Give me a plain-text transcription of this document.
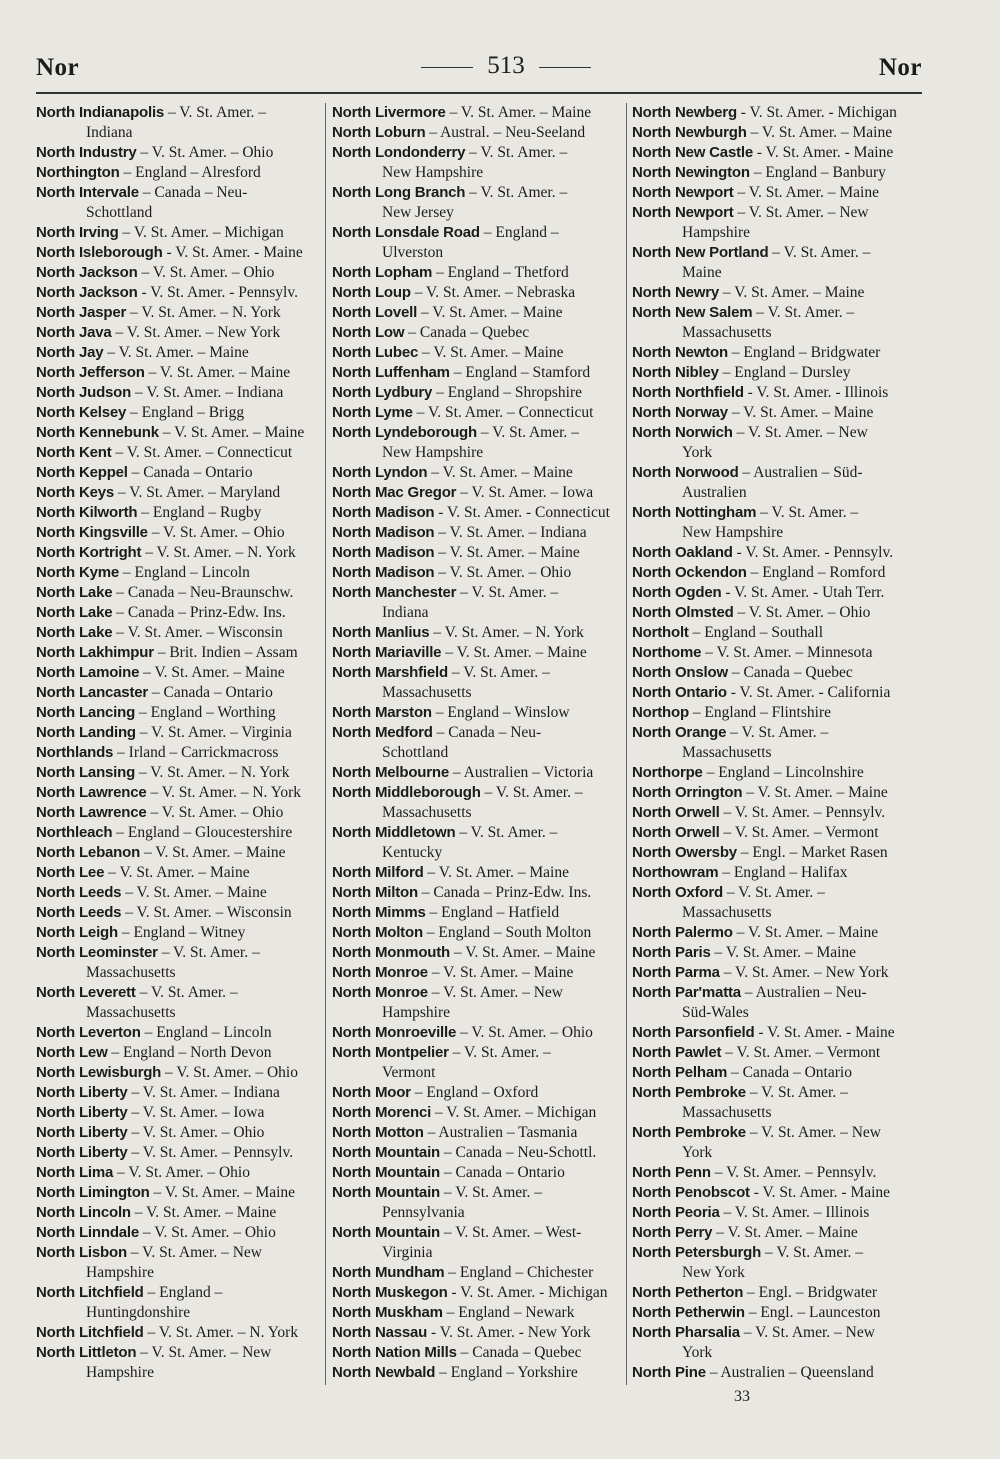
Nor	513	Nor
North Indianapolis – V. St. Amer. –
Indiana
North Industry – V. St. Amer. – Ohio
Northington – England – Alresford
North Intervale – Canada – Neu-
Schottland
North Irving – V. St. Amer. – Michigan
North Isleborough - V. St. Amer. - Maine
North Jackson – V. St. Amer. – Ohio
North Jackson - V. St. Amer. - Pennsylv.
North Jasper – V. St. Amer. – N. York
North Java – V. St. Amer. – New York
North Jay – V. St. Amer. – Maine
North Jefferson – V. St. Amer. – Maine
North Judson – V. St. Amer. – Indiana
North Kelsey – England – Brigg
North Kennebunk – V. St. Amer. – Maine
North Kent – V. St. Amer. – Connecticut
North Keppel – Canada – Ontario
North Keys – V. St. Amer. – Maryland
North Kilworth – England – Rugby
North Kingsville – V. St. Amer. – Ohio
North Kortright – V. St. Amer. – N. York
North Kyme – England – Lincoln
North Lake – Canada – Neu-Braunschw.
North Lake – Canada – Prinz-Edw. Ins.
North Lake – V. St. Amer. – Wisconsin
North Lakhimpur – Brit. Indien – Assam
North Lamoine – V. St. Amer. – Maine
North Lancaster – Canada – Ontario
North Lancing – England – Worthing
North Landing – V. St. Amer. – Virginia
Northlands – Irland – Carrickmacross
North Lansing – V. St. Amer. – N. York
North Lawrence – V. St. Amer. – N. York
North Lawrence – V. St. Amer. – Ohio
Northleach – England – Gloucestershire
North Lebanon – V. St. Amer. – Maine
North Lee – V. St. Amer. – Maine
North Leeds – V. St. Amer. – Maine
North Leeds – V. St. Amer. – Wisconsin
North Leigh – England – Witney
North Leominster – V. St. Amer. –
Massachusetts
North Leverett – V. St. Amer. –
Massachusetts
North Leverton – England – Lincoln
North Lew – England – North Devon
North Lewisburgh – V. St. Amer. – Ohio
North Liberty – V. St. Amer. – Indiana
North Liberty – V. St. Amer. – Iowa
North Liberty – V. St. Amer. – Ohio
North Liberty – V. St. Amer. – Pennsylv.
North Lima – V. St. Amer. – Ohio
North Limington – V. St. Amer. – Maine
North Lincoln – V. St. Amer. – Maine
North Linndale – V. St. Amer. – Ohio
North Lisbon – V. St. Amer. – New
Hampshire
North Litchfield – England –
Huntingdonshire
North Litchfield – V. St. Amer. – N. York
North Littleton – V. St. Amer. – New
Hampshire
North Livermore – V. St. Amer. – Maine
North Loburn – Austral. – Neu-Seeland
North Londonderry – V. St. Amer. –
New Hampshire
North Long Branch – V. St. Amer. –
New Jersey
North Lonsdale Road – England –
Ulverston
North Lopham – England – Thetford
North Loup – V. St. Amer. – Nebraska
North Lovell – V. St. Amer. – Maine
North Low – Canada – Quebec
North Lubec – V. St. Amer. – Maine
North Luffenham – England – Stamford
North Lydbury – England – Shropshire
North Lyme – V. St. Amer. – Connecticut
North Lyndeborough – V. St. Amer. –
New Hampshire
North Lyndon – V. St. Amer. – Maine
North Mac Gregor – V. St. Amer. – Iowa
North Madison - V. St. Amer. - Connecticut
North Madison – V. St. Amer. – Indiana
North Madison – V. St. Amer. – Maine
North Madison – V. St. Amer. – Ohio
North Manchester – V. St. Amer. –
Indiana
North Manlius – V. St. Amer. – N. York
North Mariaville – V. St. Amer. – Maine
North Marshfield – V. St. Amer. –
Massachusetts
North Marston – England – Winslow
North Medford – Canada – Neu-
Schottland
North Melbourne – Australien – Victoria
North Middleborough – V. St. Amer. –
Massachusetts
North Middletown – V. St. Amer. –
Kentucky
North Milford – V. St. Amer. – Maine
North Milton – Canada – Prinz-Edw. Ins.
North Mimms – England – Hatfield
North Molton – England – South Molton
North Monmouth – V. St. Amer. – Maine
North Monroe – V. St. Amer. – Maine
North Monroe – V. St. Amer. – New
Hampshire
North Monroeville – V. St. Amer. – Ohio
North Montpelier – V. St. Amer. –
Vermont
North Moor – England – Oxford
North Morenci – V. St. Amer. – Michigan
North Motton – Australien – Tasmania
North Mountain – Canada – Neu-Schottl.
North Mountain – Canada – Ontario
North Mountain – V. St. Amer. –
Pennsylvania
North Mountain – V. St. Amer. – West-
Virginia
North Mundham – England – Chichester
North Muskegon - V. St. Amer. - Michigan
North Muskham – England – Newark
North Nassau - V. St. Amer. - New York
North Nation Mills – Canada – Quebec
North Newbald – England – Yorkshire
North Newberg - V. St. Amer. - Michigan
North Newburgh – V. St. Amer. – Maine
North New Castle - V. St. Amer. - Maine
North Newington – England – Banbury
North Newport – V. St. Amer. – Maine
North Newport – V. St. Amer. – New
Hampshire
North New Portland – V. St. Amer. –
Maine
North Newry – V. St. Amer. – Maine
North New Salem – V. St. Amer. –
Massachusetts
North Newton – England – Bridgwater
North Nibley – England – Dursley
North Northfield - V. St. Amer. - Illinois
North Norway – V. St. Amer. – Maine
North Norwich – V. St. Amer. – New
York
North Norwood – Australien – Süd-
Australien
North Nottingham – V. St. Amer. –
New Hampshire
North Oakland - V. St. Amer. - Pennsylv.
North Ockendon – England – Romford
North Ogden - V. St. Amer. - Utah Terr.
North Olmsted – V. St. Amer. – Ohio
Northolt – England – Southall
Northome – V. St. Amer. – Minnesota
North Onslow – Canada – Quebec
North Ontario - V. St. Amer. - California
Northop – England – Flintshire
North Orange – V. St. Amer. –
Massachusetts
Northorpe – England – Lincolnshire
North Orrington – V. St. Amer. – Maine
North Orwell – V. St. Amer. – Pennsylv.
North Orwell – V. St. Amer. – Vermont
North Owersby – Engl. – Market Rasen
Northowram – England – Halifax
North Oxford – V. St. Amer. –
Massachusetts
North Palermo – V. St. Amer. – Maine
North Paris – V. St. Amer. – Maine
North Parma – V. St. Amer. – New York
North Par'matta – Australien – Neu-
Süd-Wales
North Parsonfield - V. St. Amer. - Maine
North Pawlet – V. St. Amer. – Vermont
North Pelham – Canada – Ontario
North Pembroke – V. St. Amer. –
Massachusetts
North Pembroke – V. St. Amer. – New
York
North Penn – V. St. Amer. – Pennsylv.
North Penobscot - V. St. Amer. - Maine
North Peoria – V. St. Amer. – Illinois
North Perry – V. St. Amer. – Maine
North Petersburgh – V. St. Amer. –
New York
North Petherton – Engl. – Bridgwater
North Petherwin – Engl. – Launceston
North Pharsalia – V. St. Amer. – New
York
North Pine – Australien – Queensland
33
